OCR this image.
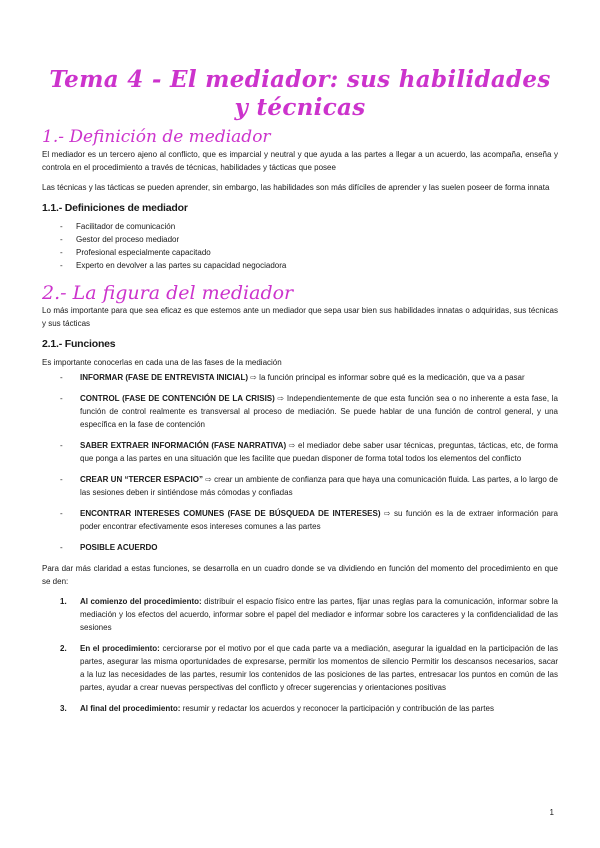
Tema 4 - El mediador: sus habilidades y técnicas
1.- Definición de mediador

El mediador es un tercero ajeno al conflicto, que es imparcial y neutral y que ayuda a las partes a llegar a un acuerdo, las acompaña, enseña y controla en el procedimiento a través de técnicas, habilidades y tácticas que posee

Las técnicas y las tácticas se pueden aprender, sin embargo, las habilidades son más difíciles de aprender y las suelen poseer de forma innata

1.1.- Definiciones de mediador
- Facilitador de comunicación
- Gestor del proceso mediador
- Profesional especialmente capacitado
- Experto en devolver a las partes su capacidad negociadora
2.- La figura del mediador

Lo más importante para que sea eficaz es que estemos ante un mediador que sepa usar bien sus habilidades innatas o adquiridas, sus técnicas y sus tácticas

2.1.- Funciones

Es importante conocerlas en cada una de las fases de la mediación

- INFORMAR (FASE DE ENTREVISTA INICIAL) ⇨ la función principal es informar sobre qué es la medicación, que va a pasar
- CONTROL (FASE DE CONTENCIÓN DE LA CRISIS) ⇨ Independientemente de que esta función sea o no inherente a esta fase, la función de control realmente es transversal al proceso de mediación. Se puede hablar de una función de control general, y una específica en la fase de contención
- SABER EXTRAER INFORMACIÓN (FASE NARRATIVA) ⇨ el mediador debe saber usar técnicas, preguntas, tácticas, etc, de forma que ponga a las partes en una situación que les facilite que puedan disponer de forma total todos los elementos del conflicto
- CREAR UN “TERCER ESPACIO” ⇨ crear un ambiente de confianza para que haya una comunicación fluida. Las partes, a lo largo de las sesiones deben ir sintiéndose más cómodas y confiadas
- ENCONTRAR INTERESES COMUNES (FASE DE BÚSQUEDA DE INTERESES) ⇨ su función es la de extraer información para poder encontrar efectivamente esos intereses comunes a las partes
- POSIBLE ACUERDO

Para dar más claridad a estas funciones, se desarrolla en un cuadro donde se va dividiendo en función del momento del procedimiento en que se den:

1. Al comienzo del procedimiento: distribuir el espacio físico entre las partes, fijar unas reglas para la comunicación, informar sobre la mediación y los efectos del acuerdo, informar sobre el papel del mediador e informar sobre los caracteres y la confidencialidad de las sesiones
2. En el procedimiento: cerciorarse por el motivo por el que cada parte va a mediación, asegurar la igualdad en la participación de las partes, asegurar las misma oportunidades de expresarse, permitir los momentos de silencio Permitir los descansos necesarios, sacar a la luz las necesidades de las partes, resumir los contenidos de las posiciones de las partes, entresacar los puntos en común de las partes, ayudar a crear nuevas perspectivas del conflicto y ofrecer sugerencias y orientaciones positivas
3. Al final del procedimiento: resumir y redactar los acuerdos y reconocer la participación y contribución de las partes
1
